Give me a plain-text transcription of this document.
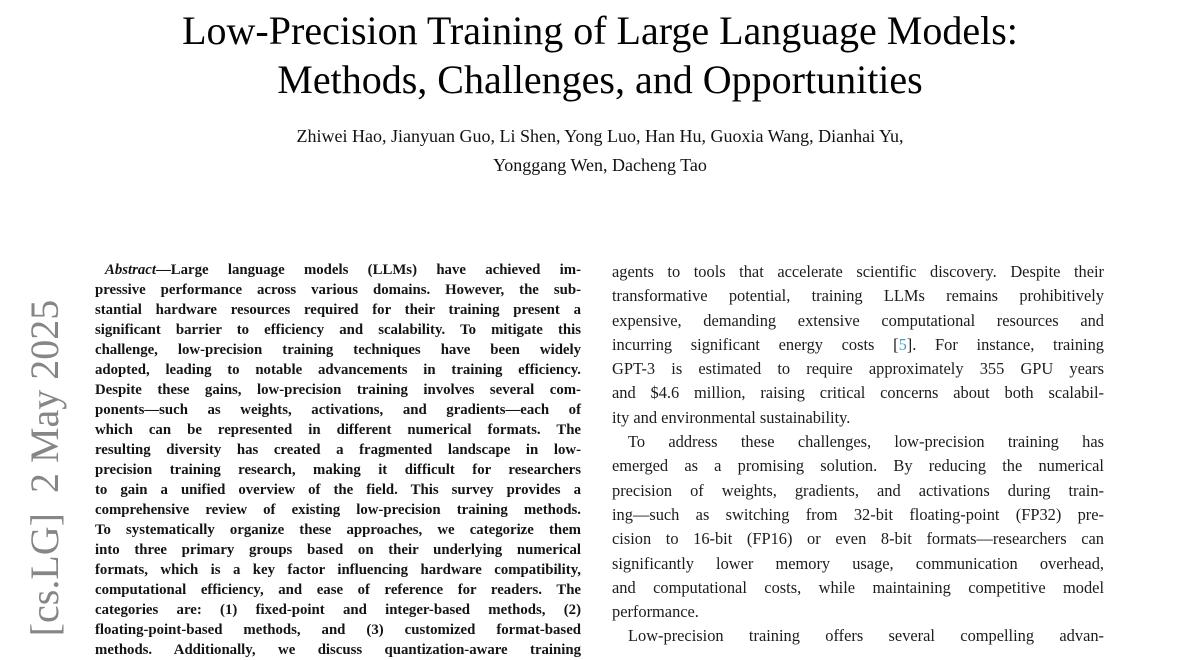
[cs.LG]  2 May 2025
Low-Precision Training of Large Language Models:
Methods, Challenges, and Opportunities
Zhiwei Hao, Jianyuan Guo, Li Shen, Yong Luo, Han Hu, Guoxia Wang, Dianhai Yu,
Yonggang Wen, Dacheng Tao
Abstract—Large language models (LLMs) have achieved im-
pressive performance across various domains. However, the sub-
stantial hardware resources required for their training present a
significant barrier to efficiency and scalability. To mitigate this
challenge, low-precision training techniques have been widely
adopted, leading to notable advancements in training efficiency.
Despite these gains, low-precision training involves several com-
ponents—such as weights, activations, and gradients—each of
which can be represented in different numerical formats. The
resulting diversity has created a fragmented landscape in low-
precision training research, making it difficult for researchers
to gain a unified overview of the field. This survey provides a
comprehensive review of existing low-precision training methods.
To systematically organize these approaches, we categorize them
into three primary groups based on their underlying numerical
formats, which is a key factor influencing hardware compatibility,
computational efficiency, and ease of reference for readers. The
categories are: (1) fixed-point and integer-based methods, (2)
floating-point-based methods, and (3) customized format-based
methods. Additionally, we discuss quantization-aware training
agents to tools that accelerate scientific discovery. Despite their
transformative potential, training LLMs remains prohibitively
expensive, demanding extensive computational resources and
incurring significant energy costs [5]. For instance, training
GPT-3 is estimated to require approximately 355 GPU years
and $4.6 million, raising critical concerns about both scalabil-
ity and environmental sustainability.
To address these challenges, low-precision training has
emerged as a promising solution. By reducing the numerical
precision of weights, gradients, and activations during train-
ing—such as switching from 32-bit floating-point (FP32) pre-
cision to 16-bit (FP16) or even 8-bit formats—researchers can
significantly lower memory usage, communication overhead,
and computational costs, while maintaining competitive model
performance.
Low-precision training offers several compelling advan-
